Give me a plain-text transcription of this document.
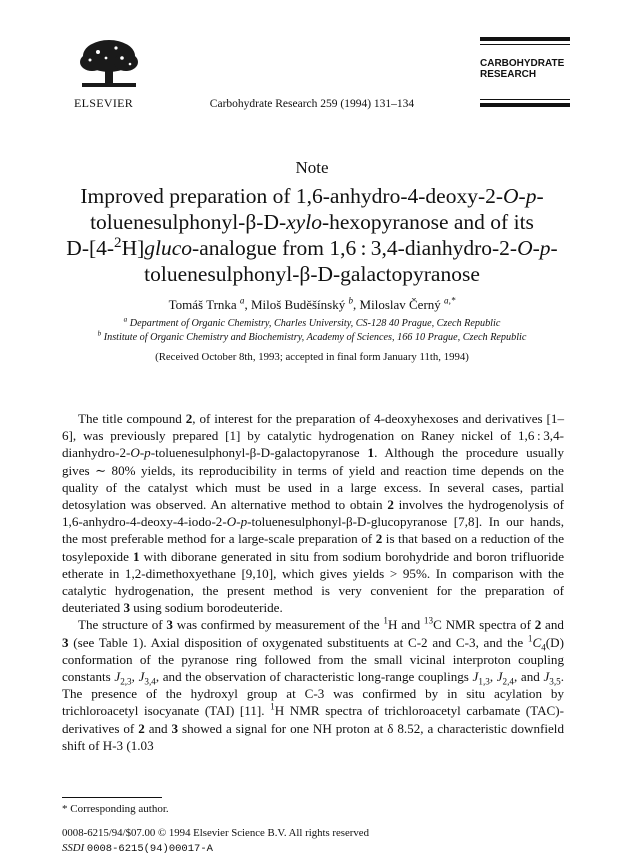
ELSEVIER	Carbohydrate Research 259 (1994) 131–134
CARBOHYDRATE
RESEARCH
Note
Improved preparation of 1,6-anhydro-4-deoxy-2-O-p-
toluenesulphonyl-β-D-xylo-hexopyranose and of its
D-[4-$^2$H]gluco-analogue from 1,6 : 3,4-dianhydro-2-O-p-
toluenesulphonyl-β-D-galactopyranose
Tomáš Trnka $^a$, Miloš Buděšínský $^b$, Miloslav Černý $^{a,*}$
$^a$ Department of Organic Chemistry, Charles University, CS-128 40 Prague, Czech Republic
$^b$ Institute of Organic Chemistry and Biochemistry, Academy of Sciences, 166 10 Prague, Czech Republic
(Received October 8th, 1993; accepted in final form January 11th, 1994)

The title compound 2, of interest for the preparation of 4-deoxyhexoses and derivatives [1–6], was previously prepared [1] by catalytic hydrogenation on Raney nickel of 1,6 : 3,4-dianhydro-2-O-p-toluenesulphonyl-β-D-galactopyranose 1. Although the procedure usually gives ∼ 80% yields, its reproducibility in terms of yield and reaction time depends on the quality of the catalyst which must be used in a large excess. In several cases, partial detosylation was observed. An alternative method to obtain 2 involves the hydrogenolysis of 1,6-anhydro-4-deoxy-4-iodo-2-O-p-toluenesulphonyl-β-D-glucopyranose [7,8]. In our hands, the most preferable method for a large-scale preparation of 2 is that based on a reduction of the tosylepoxide 1 with diborane generated in situ from sodium borohydride and boron trifluoride etherate in 1,2-dimethoxyethane [9,10], which gives yields > 95%. In comparison with the catalytic hydrogenation, the present method is very convenient for the preparation of deuteriated 3 using sodium borodeuteride.

The structure of 3 was confirmed by measurement of the $^1$H and $^{13}$C NMR spectra of 2 and 3 (see Table 1). Axial disposition of oxygenated substituents at C-2 and C-3, and the $^1C_4(D)$ conformation of the pyranose ring followed from the small vicinal interproton coupling constants $J_{2,3}$, $J_{3,4}$, and the observation of characteristic long-range couplings $J_{1,3}$, $J_{2,4}$, and $J_{3,5}$. The presence of the hydroxyl group at C-3 was confirmed by in situ acylation by trichloroacetyl isocyanate (TAI) [11]. $^1$H NMR spectra of trichloroacetyl carbamate (TAC)-derivatives of 2 and 3 showed a signal for one NH proton at δ 8.52, a characteristic downfield shift of H-3 (1.03

* Corresponding author.
0008-6215/94/$07.00 © 1994 Elsevier Science B.V. All rights reserved
SSDI 0008-6215(94)00017-A
